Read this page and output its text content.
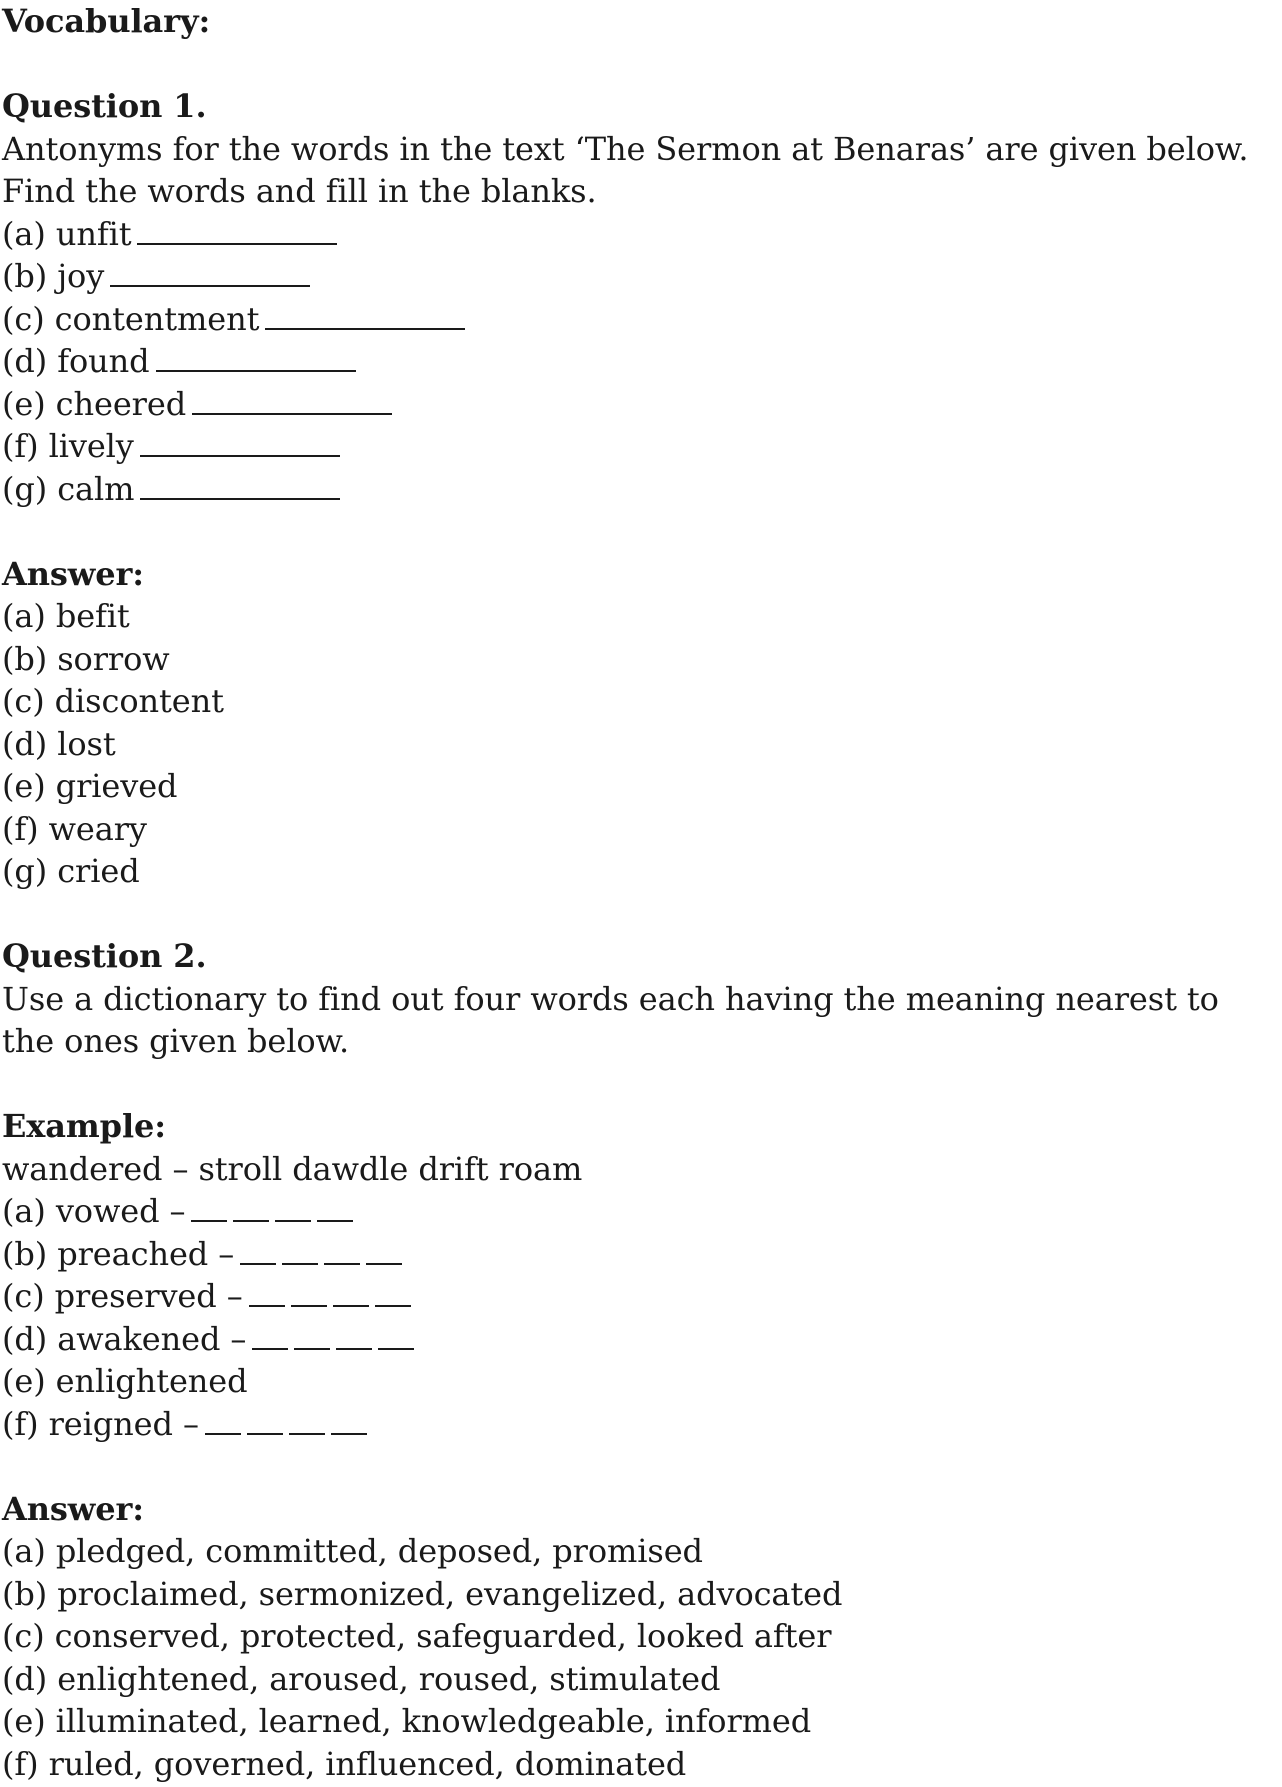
Vocabulary:
Question 1.
Antonyms for the words in the text ‘The Sermon at Benaras’ are given below. Find the words and fill in the blanks.
(a) unfit
(b) joy
(c) contentment
(d) found
(e) cheered
(f) lively
(g) calm
Answer:
(a) befit
(b) sorrow
(c) discontent
(d) lost
(e) grieved
(f) weary
(g) cried
Question 2.
Use a dictionary to find out four words each having the meaning nearest to the ones given below.
Example:
wandered – stroll dawdle drift roam
(a) vowed –
(b) preached –
(c) preserved –
(d) awakened –
(e) enlightened
(f) reigned –
Answer:
(a) pledged, committed, deposed, promised
(b) proclaimed, sermonized, evangelized, advocated
(c) conserved, protected, safeguarded, looked after
(d) enlightened, aroused, roused, stimulated
(e) illuminated, learned, knowledgeable, informed
(f) ruled, governed, influenced, dominated
